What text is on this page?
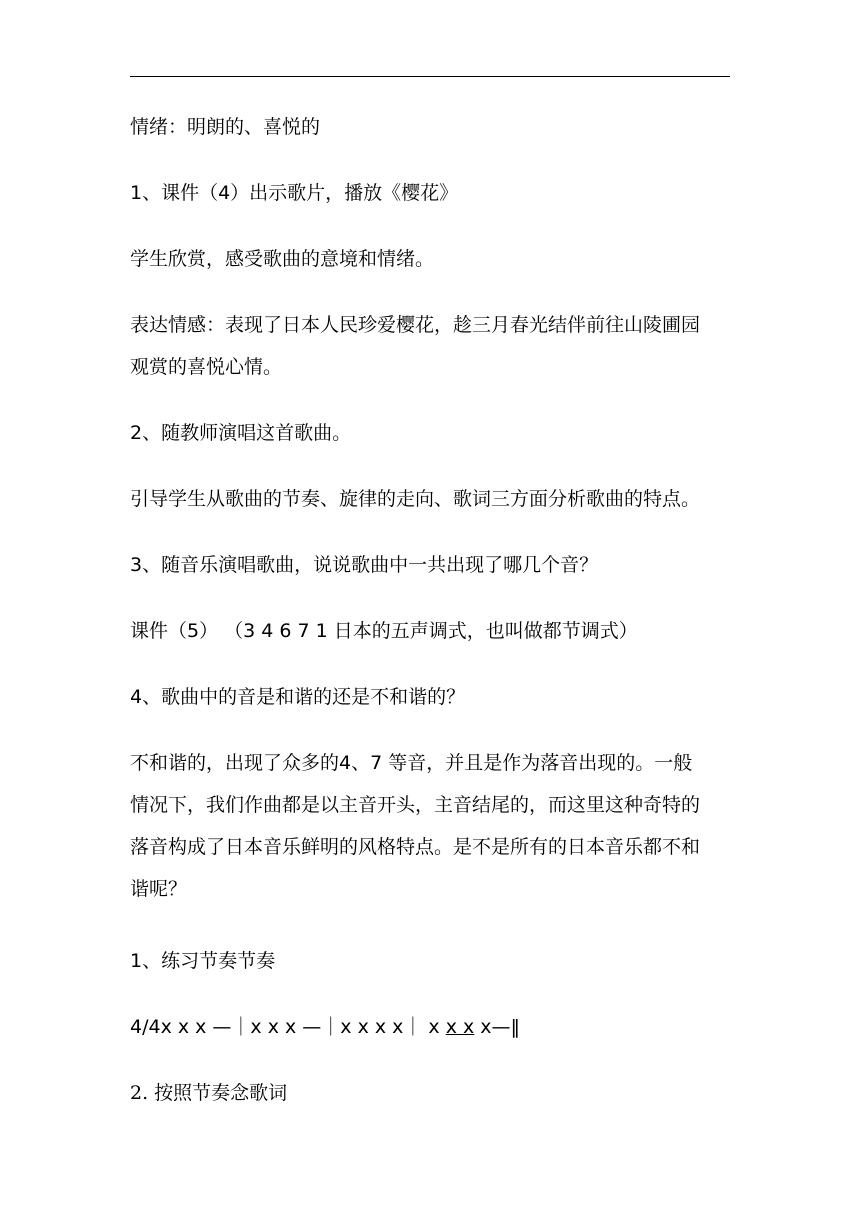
情绪：明朗的、喜悦的
1、课件（4）出示歌片，播放《樱花》
学生欣赏，感受歌曲的意境和情绪。
表达情感：表现了日本人民珍爱樱花，趁三月春光结伴前往山陵圃园
观赏的喜悦心情。
2、随教师演唱这首歌曲。
引导学生从歌曲的节奏、旋律的走向、歌词三方面分析歌曲的特点。
3、随音乐演唱歌曲，说说歌曲中一共出现了哪几个音？
课件（5） （3 4 6 7 1 日本的五声调式，也叫做都节调式）
4、歌曲中的音是和谐的还是不和谐的？
不和谐的，出现了众多的4、7 等音，并且是作为落音出现的。一般
情况下，我们作曲都是以主音开头，主音结尾的，而这里这种奇特的
落音构成了日本音乐鲜明的风格特点。是不是所有的日本音乐都不和
谐呢？
1、练习节奏节奏
4/4x x x —｜x x x —｜x x x x｜ x x x x—‖
2. 按照节奏念歌词
